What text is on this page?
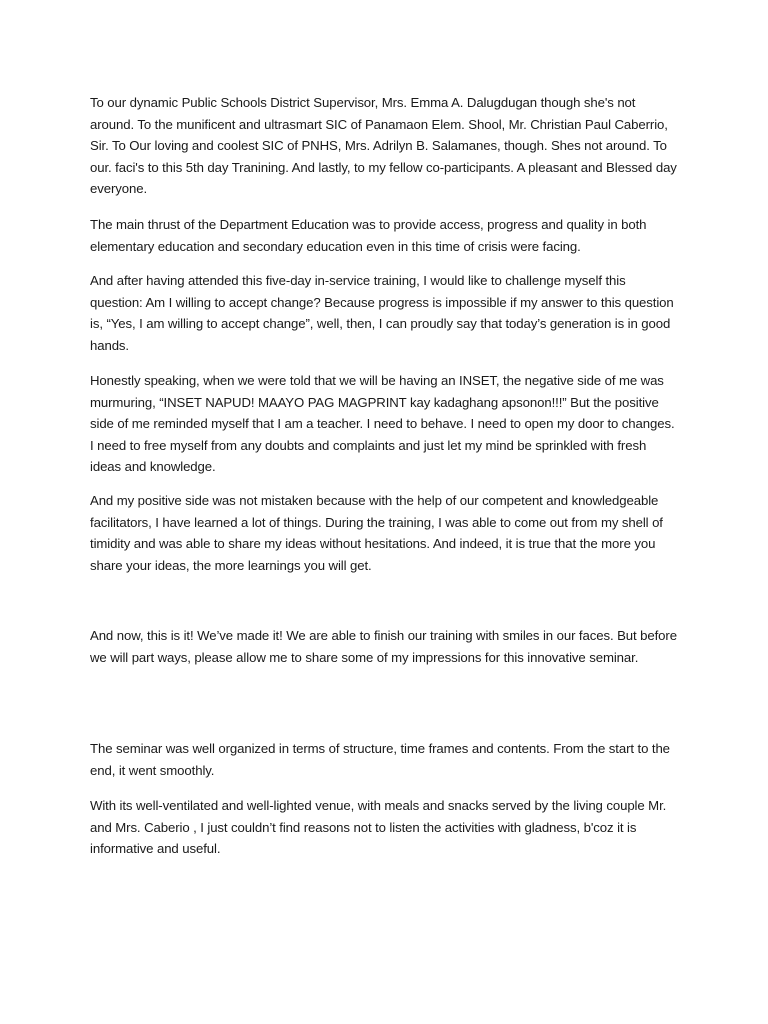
To our dynamic Public Schools District Supervisor, Mrs. Emma A. Dalugdugan though she's not around. To the munificent and ultrasmart SIC of Panamaon Elem. Shool, Mr. Christian Paul Caberrio, Sir. To Our loving and coolest SIC of PNHS, Mrs. Adrilyn B. Salamanes, though. Shes not around. To our. faci's to this 5th day Tranining. And lastly, to my fellow co-participants. A pleasant and Blessed day everyone.

The main thrust of the Department Education was to provide access, progress and quality in both elementary education and secondary education even in this time of crisis were facing.

And after having attended this five-day in-service training, I would like to challenge myself this question: Am I willing to accept change? Because progress is impossible if my answer to this question is, “Yes, I am willing to accept change”, well, then, I can proudly say that today’s generation is in good hands.

Honestly speaking, when we were told that we will be having an INSET, the negative side of me was murmuring, “INSET NAPUD! MAAYO PAG MAGPRINT kay kadaghang apsonon!!!” But the positive side of me reminded myself that I am a teacher. I need to behave. I need to open my door to changes. I need to free myself from any doubts and complaints and just let my mind be sprinkled with fresh ideas and knowledge.

And my positive side was not mistaken because with the help of our competent and knowledgeable facilitators, I have learned a lot of things. During the training, I was able to come out from my shell of timidity and was able to share my ideas without hesitations. And indeed, it is true that the more you share your ideas, the more learnings you will get.

And now, this is it! We’ve made it! We are able to finish our training with smiles in our faces. But before we will part ways, please allow me to share some of my impressions for this innovative seminar.

The seminar was well organized in terms of structure, time frames and contents. From the start to the end, it went smoothly.

With its well-ventilated and well-lighted venue, with meals and snacks served by the living couple Mr. and Mrs. Caberio , I just couldn’t find reasons not to listen the activities with gladness, b'coz it is informative and useful.
